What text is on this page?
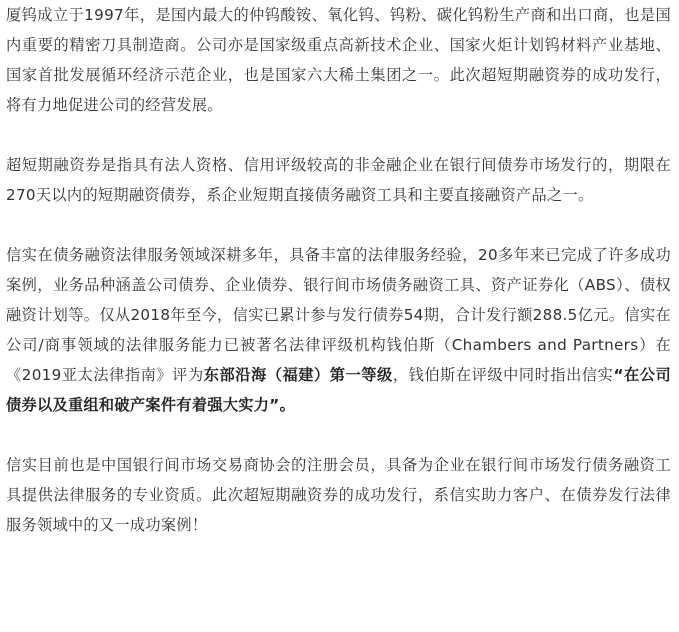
厦钨成立于1997年，是国内最大的仲钨酸铵、氧化钨、钨粉、碳化钨粉生产商和出口商，也是国内重要的精密刀具制造商。公司亦是国家级重点高新技术企业、国家火炬计划钨材料产业基地、国家首批发展循环经济示范企业，也是国家六大稀土集团之一。此次超短期融资券的成功发行，将有力地促进公司的经营发展。

超短期融资券是指具有法人资格、信用评级较高的非金融企业在银行间债券市场发行的，期限在270天以内的短期融资债券，系企业短期直接债务融资工具和主要直接融资产品之一。

信实在债务融资法律服务领域深耕多年，具备丰富的法律服务经验，20多年来已完成了许多成功案例，业务品种涵盖公司债券、企业债券、银行间市场债务融资工具、资产证券化（ABS）、债权融资计划等。仅从2018年至今，信实已累计参与发行债券54期，合计发行额288.5亿元。信实在公司/商事领域的法律服务能力已被著名法律评级机构钱伯斯（Chambers and Partners）在《2019亚太法律指南》评为东部沿海（福建）第一等级，钱伯斯在评级中同时指出信实“在公司债券以及重组和破产案件有着强大实力”。

信实目前也是中国银行间市场交易商协会的注册会员，具备为企业在银行间市场发行债务融资工具提供法律服务的专业资质。此次超短期融资券的成功发行，系信实助力客户、在债券发行法律服务领域中的又一成功案例！
